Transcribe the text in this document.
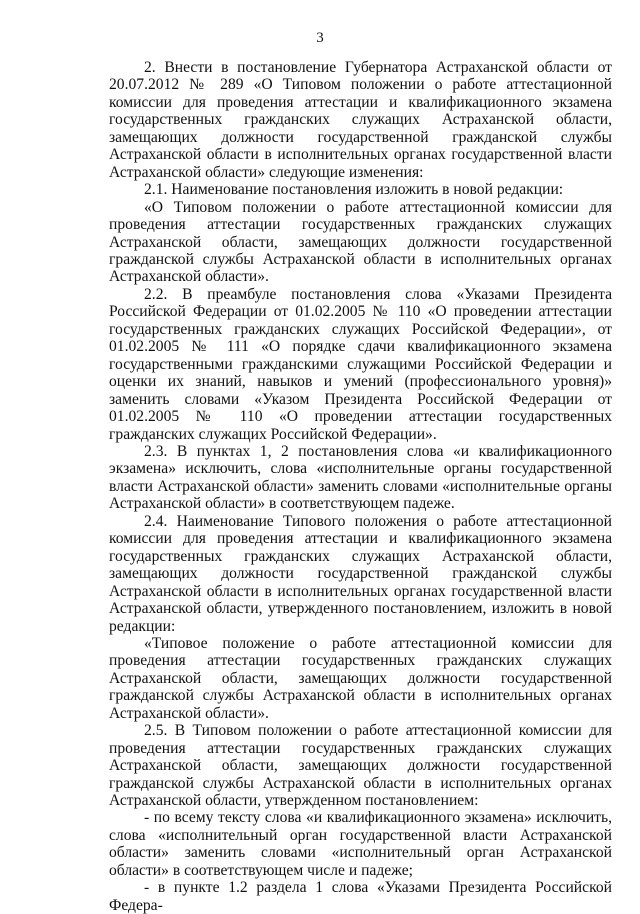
3

2. Внести в постановление Губернатора Астраханской области от 20.07.2012 № 289 «О Типовом положении о работе аттестационной комиссии для проведения аттестации и квалификационного экзамена государственных гражданских служащих Астраханской области, замещающих должности государственной гражданской службы Астраханской области в исполнительных органах государственной власти Астраханской области» следующие изменения:

2.1. Наименование постановления изложить в новой редакции:

«О Типовом положении о работе аттестационной комиссии для проведения аттестации государственных гражданских служащих Астраханской области, замещающих должности государственной гражданской службы Астраханской области в исполнительных органах Астраханской области».

2.2. В преамбуле постановления слова «Указами Президента Российской Федерации от 01.02.2005 № 110 «О проведении аттестации государственных гражданских служащих Российской Федерации», от 01.02.2005 № 111 «О порядке сдачи квалификационного экзамена государственными гражданскими служащими Российской Федерации и оценки их знаний, навыков и умений (профессионального уровня)» заменить словами «Указом Президента Российской Федерации от 01.02.2005 № 110 «О проведении аттестации государственных гражданских служащих Российской Федерации».

2.3. В пунктах 1, 2 постановления слова «и квалификационного экзамена» исключить, слова «исполнительные органы государственной власти Астраханской области» заменить словами «исполнительные органы Астраханской области» в соответствующем падеже.

2.4. Наименование Типового положения о работе аттестационной комиссии для проведения аттестации и квалификационного экзамена государственных гражданских служащих Астраханской области, замещающих должности государственной гражданской службы Астраханской области в исполнительных органах государственной власти Астраханской области, утвержденного постановлением, изложить в новой редакции:

«Типовое положение о работе аттестационной комиссии для проведения аттестации государственных гражданских служащих Астраханской области, замещающих должности государственной гражданской службы Астраханской области в исполнительных органах Астраханской области».

2.5. В Типовом положении о работе аттестационной комиссии для проведения аттестации государственных гражданских служащих Астраханской области, замещающих должности государственной гражданской службы Астраханской области в исполнительных органах Астраханской области, утвержденном постановлением:

- по всему тексту слова «и квалификационного экзамена» исключить, слова «исполнительный орган государственной власти Астраханской области» заменить словами «исполнительный орган Астраханской области» в соответствующем числе и падеже;

- в пункте 1.2 раздела 1 слова «Указами Президента Российской Федера-
